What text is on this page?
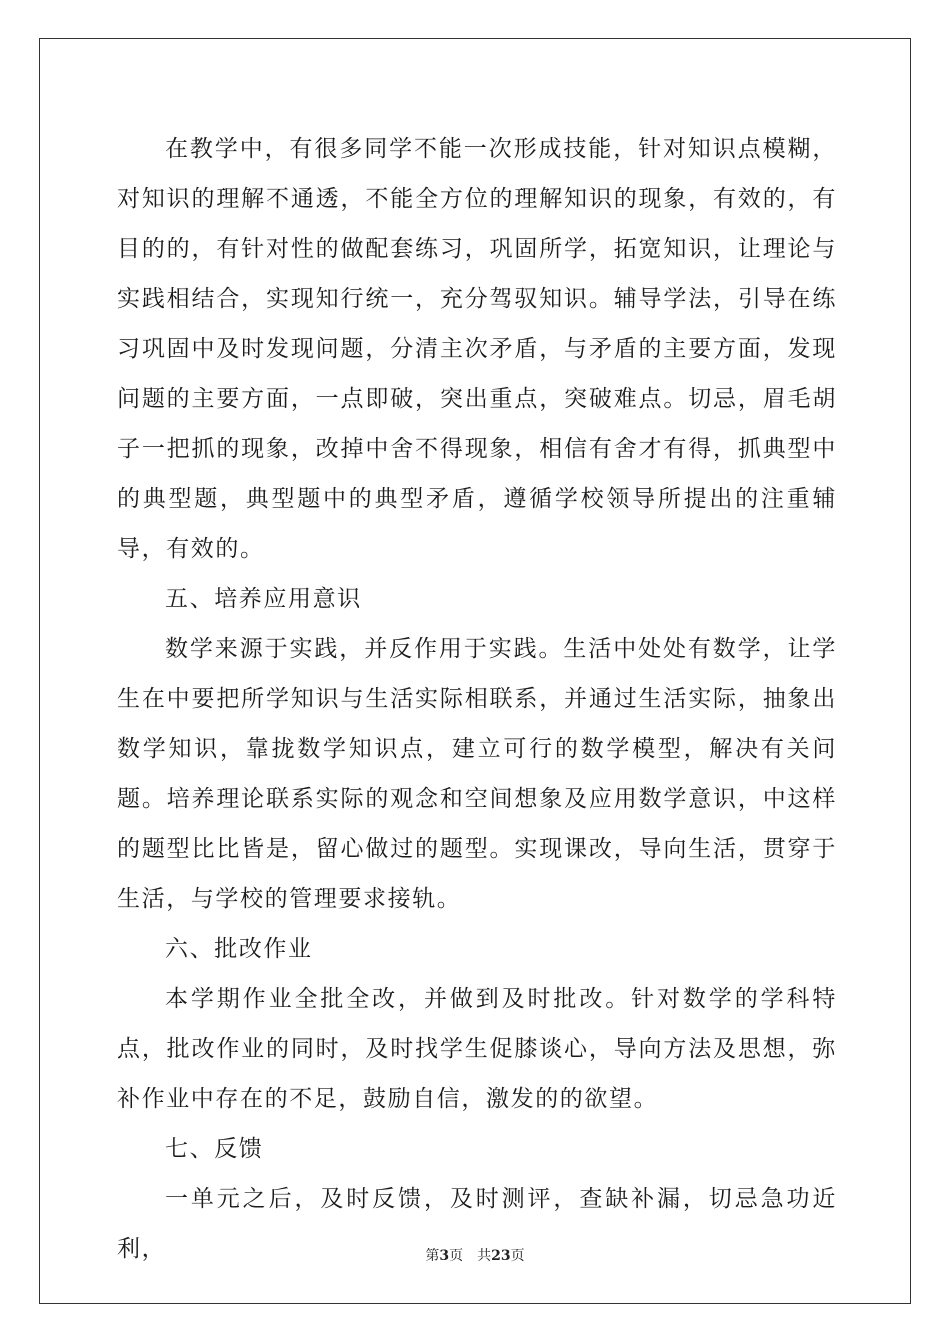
在教学中，有很多同学不能一次形成技能，针对知识点模糊，对知识的理解不通透，不能全方位的理解知识的现象，有效的，有目的的，有针对性的做配套练习，巩固所学，拓宽知识，让理论与实践相结合，实现知行统一，充分驾驭知识。辅导学法，引导在练习巩固中及时发现问题，分清主次矛盾，与矛盾的主要方面，发现问题的主要方面，一点即破，突出重点，突破难点。切忌，眉毛胡子一把抓的现象，改掉中舍不得现象，相信有舍才有得，抓典型中的典型题，典型题中的典型矛盾，遵循学校领导所提出的注重辅导，有效的。

五、培养应用意识

数学来源于实践，并反作用于实践。生活中处处有数学，让学生在中要把所学知识与生活实际相联系，并通过生活实际，抽象出数学知识，靠拢数学知识点，建立可行的数学模型，解决有关问题。培养理论联系实际的观念和空间想象及应用数学意识，中这样的题型比比皆是，留心做过的题型。实现课改，导向生活，贯穿于生活，与学校的管理要求接轨。

六、批改作业

本学期作业全批全改，并做到及时批改。针对数学的学科特点，批改作业的同时，及时找学生促膝谈心，导向方法及思想，弥补作业中存在的不足，鼓励自信，激发的的欲望。

七、反馈

一单元之后，及时反馈，及时测评，查缺补漏，切忌急功近利，	第3页 共23页
